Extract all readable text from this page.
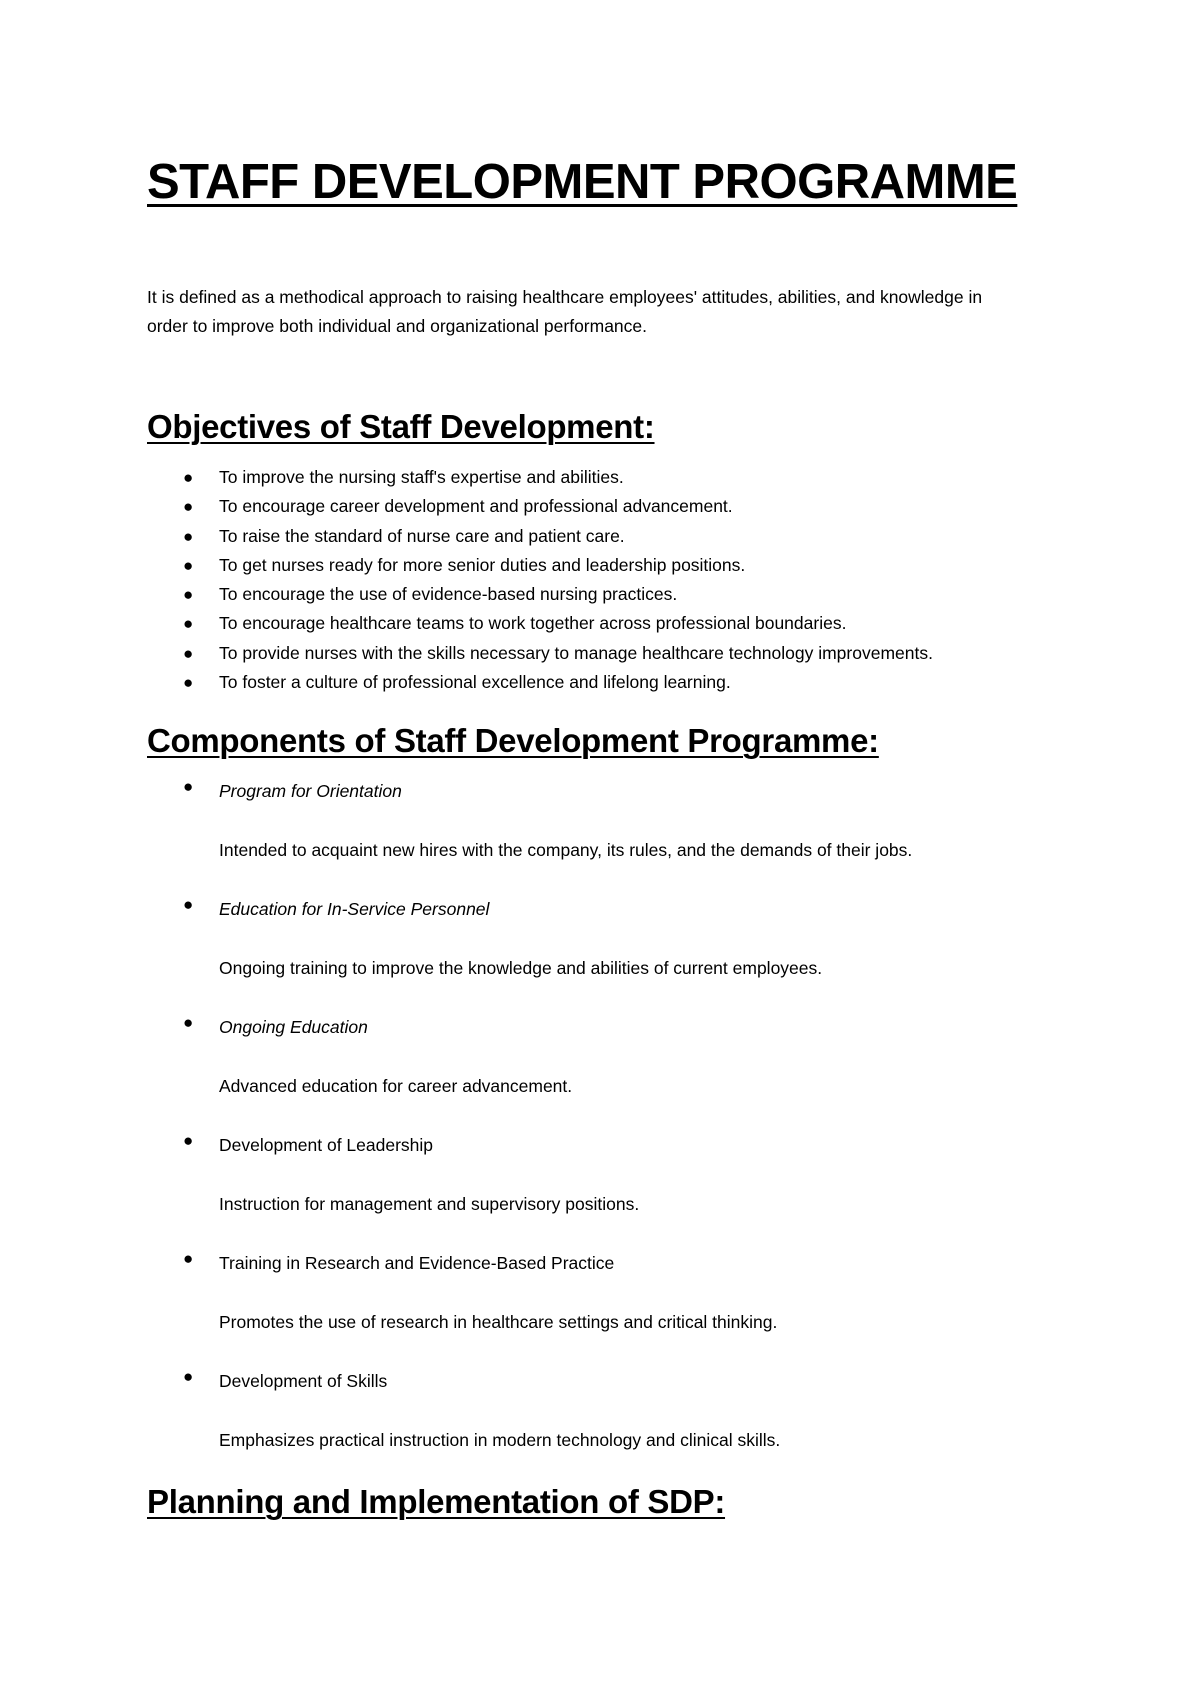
STAFF DEVELOPMENT PROGRAMME

It is defined as a methodical approach to raising healthcare employees' attitudes, abilities, and knowledge in order to improve both individual and organizational performance.

Objectives of Staff Development:
● To improve the nursing staff's expertise and abilities.
● To encourage career development and professional advancement.
● To raise the standard of nurse care and patient care.
● To get nurses ready for more senior duties and leadership positions.
● To encourage the use of evidence-based nursing practices.
● To encourage healthcare teams to work together across professional boundaries.
● To provide nurses with the skills necessary to manage healthcare technology improvements.
● To foster a culture of professional excellence and lifelong learning.
Components of Staff Development Programme:
● Program for Orientation
Intended to acquaint new hires with the company, its rules, and the demands of their jobs.
● Education for In-Service Personnel
Ongoing training to improve the knowledge and abilities of current employees.
● Ongoing Education
Advanced education for career advancement.
● Development of Leadership
Instruction for management and supervisory positions.
● Training in Research and Evidence-Based Practice
Promotes the use of research in healthcare settings and critical thinking.
● Development of Skills
Emphasizes practical instruction in modern technology and clinical skills.
Planning and Implementation of SDP:
